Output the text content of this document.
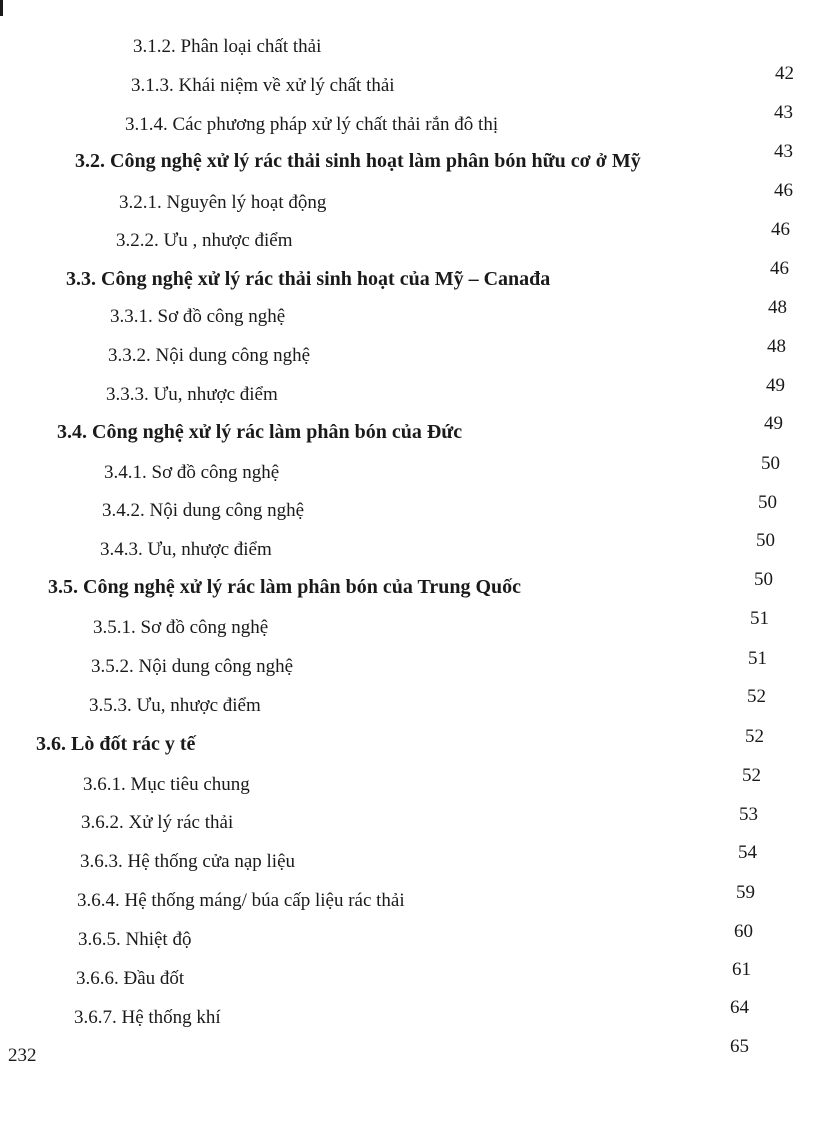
3.1.2. Phân loại chất thải
3.1.3. Khái niệm về xử lý chất thải
3.1.4. Các phương pháp xử lý chất thải rắn đô thị
3.2. Công nghệ xử lý rác thải sinh hoạt làm phân bón hữu cơ ở Mỹ
3.2.1. Nguyên lý hoạt động
3.2.2. Ưu , nhược điểm
3.3. Công nghệ xử lý rác thải sinh hoạt của Mỹ – Canađa
3.3.1. Sơ đồ công nghệ
3.3.2. Nội dung công nghệ
3.3.3. Ưu, nhược điểm
3.4. Công nghệ xử lý rác làm phân bón của Đức
3.4.1. Sơ đồ công nghệ
3.4.2. Nội dung công nghệ
3.4.3. Ưu, nhược điểm
3.5. Công nghệ xử lý rác làm phân bón của Trung Quốc
3.5.1. Sơ đồ công nghệ
3.5.2. Nội dung công nghệ
3.5.3. Ưu, nhược điểm
3.6. Lò đốt rác y tế
3.6.1. Mục tiêu chung
3.6.2. Xử lý rác thải
3.6.3. Hệ thống cửa nạp liệu
3.6.4. Hệ thống máng/ búa cấp liệu rác thải
3.6.5. Nhiệt độ
3.6.6. Đầu đốt
3.6.7. Hệ thống khí
42
43
43
46
46
46
48
48
49
49
50
50
50
50
51
51
52
52
52
53
54
59
60
61
64
65
232
